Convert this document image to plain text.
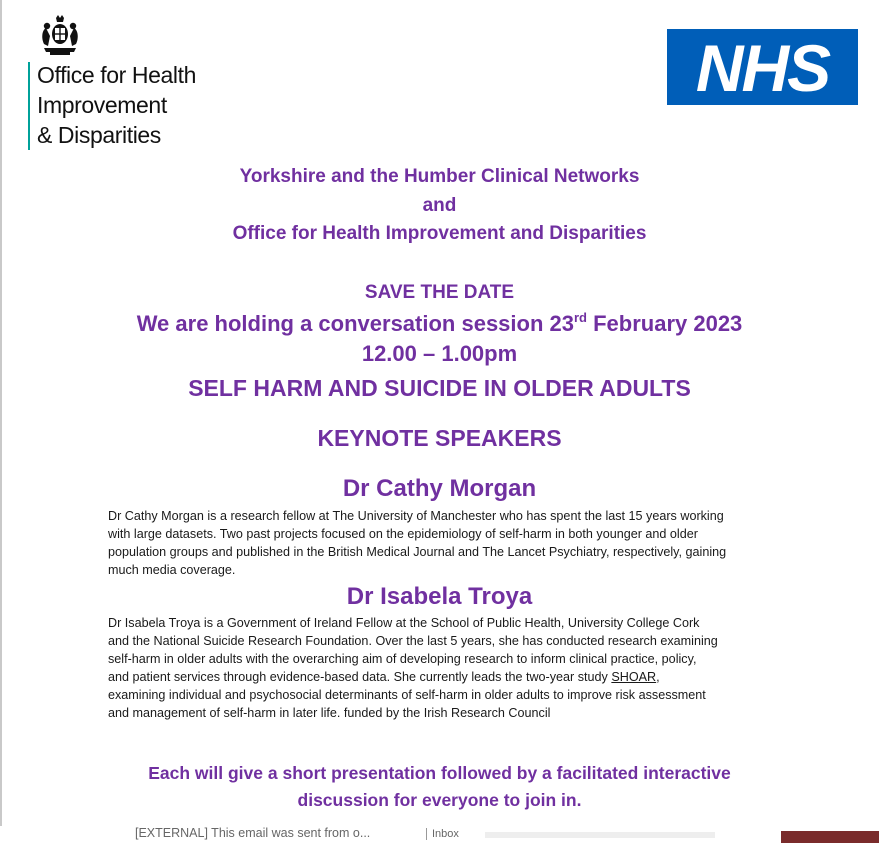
Office for Health
Improvement
& Disparities
NHS
Yorkshire and the Humber Clinical Networks
and
Office for Health Improvement and Disparities
SAVE THE DATE
We are holding a conversation session 23rd February 2023
12.00 – 1.00pm
SELF HARM AND SUICIDE IN OLDER ADULTS
KEYNOTE SPEAKERS
Dr Cathy Morgan
Dr Cathy Morgan is a research fellow at The University of Manchester who has spent the last 15 years working
with large datasets. Two past projects focused on the epidemiology of self-harm in both younger and older
population groups and published in the British Medical Journal and The Lancet Psychiatry, respectively, gaining
much media coverage.
Dr Isabela Troya
Dr Isabela Troya is a Government of Ireland Fellow at the School of Public Health, University College Cork
and the National Suicide Research Foundation. Over the last 5 years, she has conducted research examining
self-harm in older adults with the overarching aim of developing research to inform clinical practice, policy,
and patient services through evidence-based data. She currently leads the two-year study SHOAR,
examining individual and psychosocial determinants of self-harm in older adults to improve risk assessment
and management of self-harm in later life. funded by the Irish Research Council
Each will give a short presentation followed by a facilitated interactive
discussion for everyone to join in.
[EXTERNAL] This email was sent from o...	Inbox
